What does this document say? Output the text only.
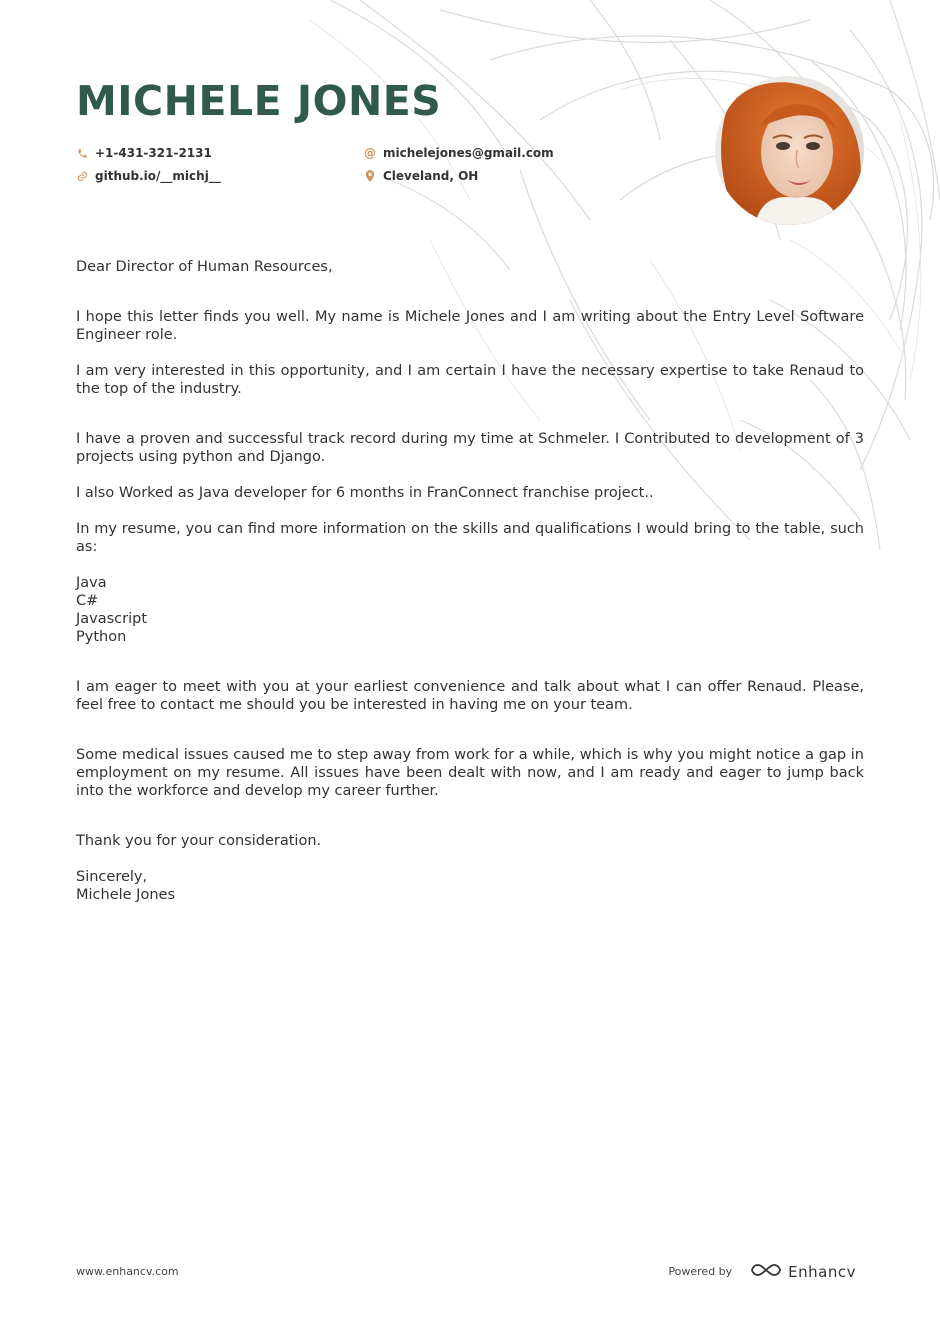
MICHELE JONES
+1-431-321-2131	@ michelejones@gmail.com
github.io/__michj__	Cleveland, OH

Dear Director of Human Resources,

I hope this letter finds you well. My name is Michele Jones and I am writing about the Entry Level Software Engineer role.

I am very interested in this opportunity, and I am certain I have the necessary expertise to take Renaud to the top of the industry.

I have a proven and successful track record during my time at Schmeler. I Contributed to development of 3 projects using python and Django.

I also Worked as Java developer for 6 months in FranConnect franchise project..

In my resume, you can find more information on the skills and qualifications I would bring to the table, such as:

Java

C#

Javascript

Python

I am eager to meet with you at your earliest convenience and talk about what I can offer Renaud. Please, feel free to contact me should you be interested in having me on your team.

Some medical issues caused me to step away from work for a while, which is why you might notice a gap in employment on my resume. All issues have been dealt with now, and I am ready and eager to jump back into the workforce and develop my career further.

Thank you for your consideration.

Sincerely,

Michele Jones

www.enhancv.com	Powered by	Enhancv
